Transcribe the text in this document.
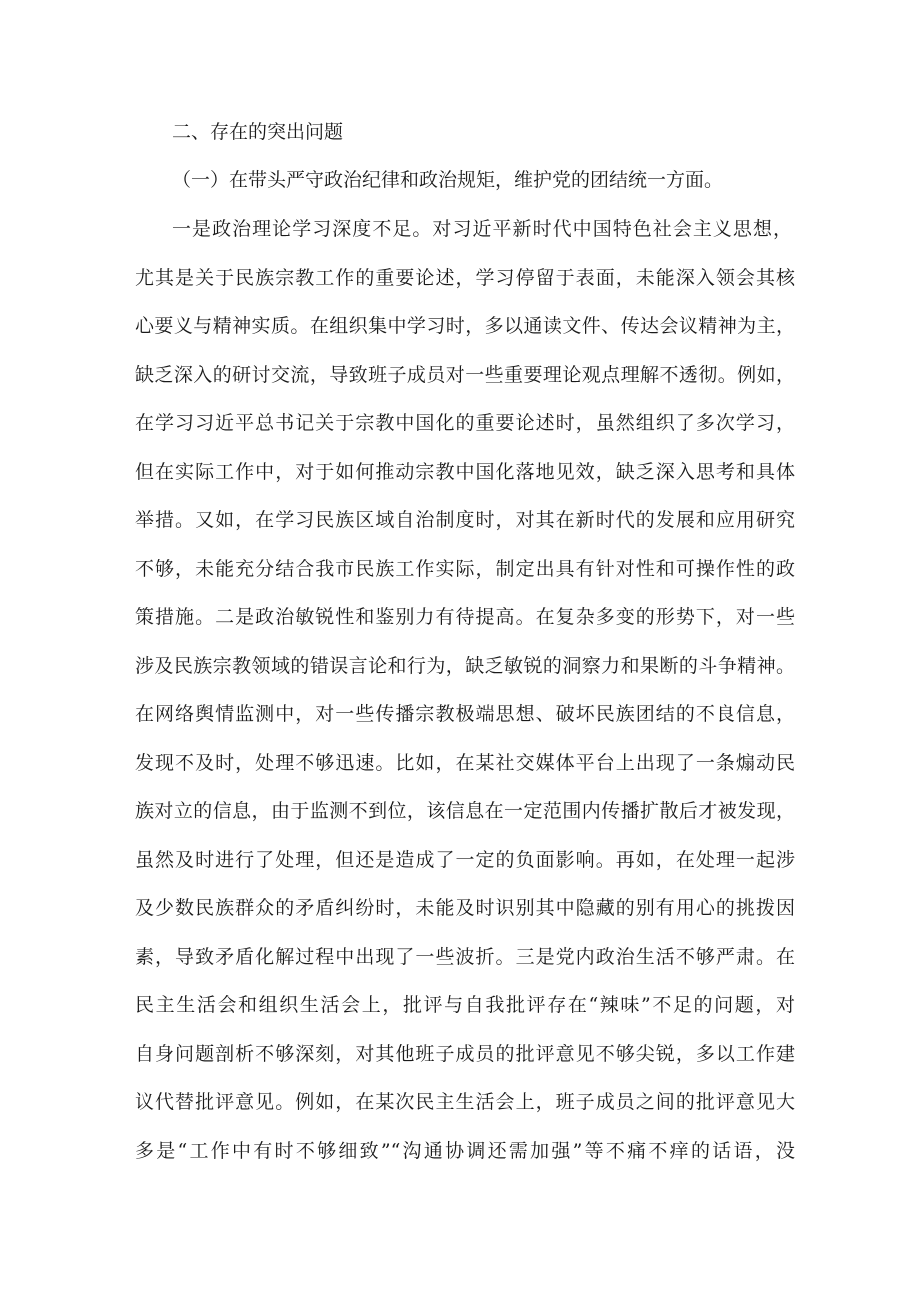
二、存在的突出问题
（一）在带头严守政治纪律和政治规矩，维护党的团结统一方面。
一是政治理论学习深度不足。对习近平新时代中国特色社会主义思想，
尤其是关于民族宗教工作的重要论述，学习停留于表面，未能深入领会其核
心要义与精神实质。在组织集中学习时，多以通读文件、传达会议精神为主，
缺乏深入的研讨交流，导致班子成员对一些重要理论观点理解不透彻。例如，
在学习习近平总书记关于宗教中国化的重要论述时，虽然组织了多次学习，
但在实际工作中，对于如何推动宗教中国化落地见效，缺乏深入思考和具体
举措。又如，在学习民族区域自治制度时，对其在新时代的发展和应用研究
不够，未能充分结合我市民族工作实际，制定出具有针对性和可操作性的政
策措施。二是政治敏锐性和鉴别力有待提高。在复杂多变的形势下，对一些
涉及民族宗教领域的错误言论和行为，缺乏敏锐的洞察力和果断的斗争精神。
在网络舆情监测中，对一些传播宗教极端思想、破坏民族团结的不良信息，
发现不及时，处理不够迅速。比如，在某社交媒体平台上出现了一条煽动民
族对立的信息，由于监测不到位，该信息在一定范围内传播扩散后才被发现，
虽然及时进行了处理，但还是造成了一定的负面影响。再如，在处理一起涉
及少数民族群众的矛盾纠纷时，未能及时识别其中隐藏的别有用心的挑拨因
素，导致矛盾化解过程中出现了一些波折。三是党内政治生活不够严肃。在
民主生活会和组织生活会上，批评与自我批评存在“辣味”不足的问题，对
自身问题剖析不够深刻，对其他班子成员的批评意见不够尖锐，多以工作建
议代替批评意见。例如，在某次民主生活会上，班子成员之间的批评意见大
多是“工作中有时不够细致”“沟通协调还需加强”等不痛不痒的话语，没
